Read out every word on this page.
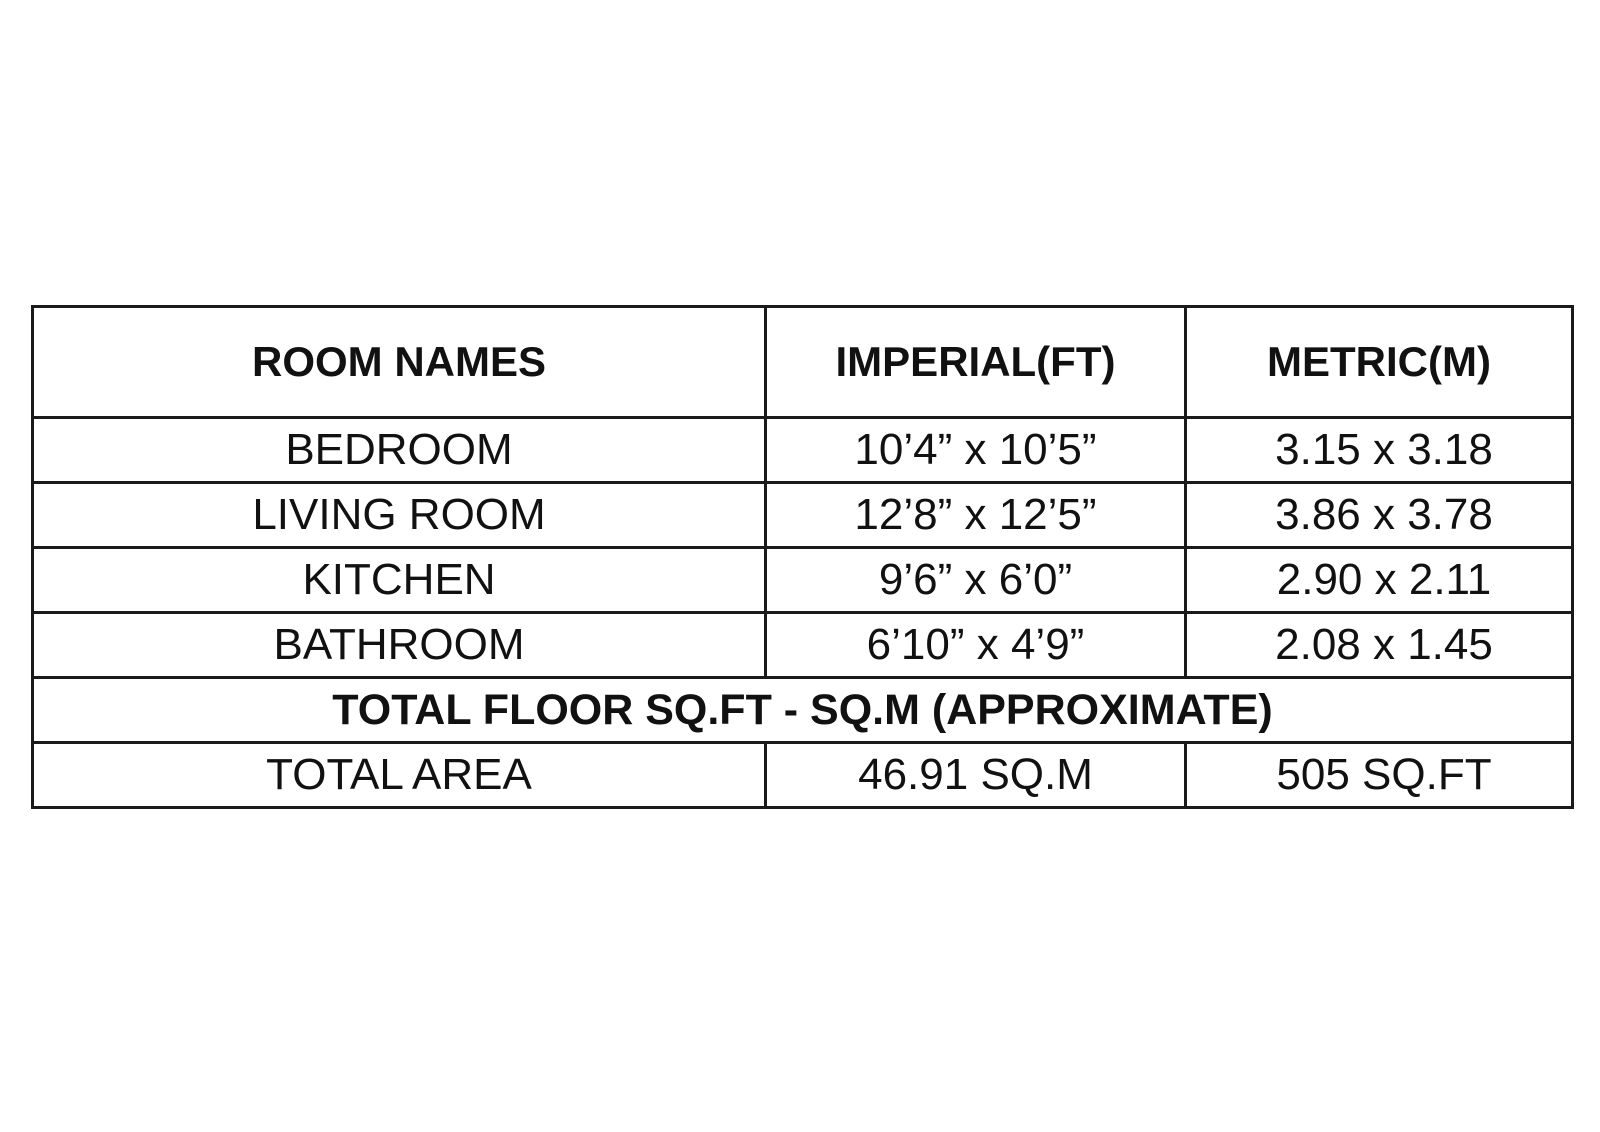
ROOM NAMES	IMPERIAL(FT)	METRIC(M)
BEDROOM	10’4” x 10’5”	3.15 x 3.18
LIVING ROOM	12’8” x 12’5”	3.86 x 3.78
KITCHEN	9’6” x 6’0”	2.90 x 2.11
BATHROOM	6’10” x 4’9”	2.08 x 1.45
TOTAL FLOOR SQ.FT - SQ.M (APPROXIMATE)		
TOTAL AREA	46.91 SQ.M	505 SQ.FT
